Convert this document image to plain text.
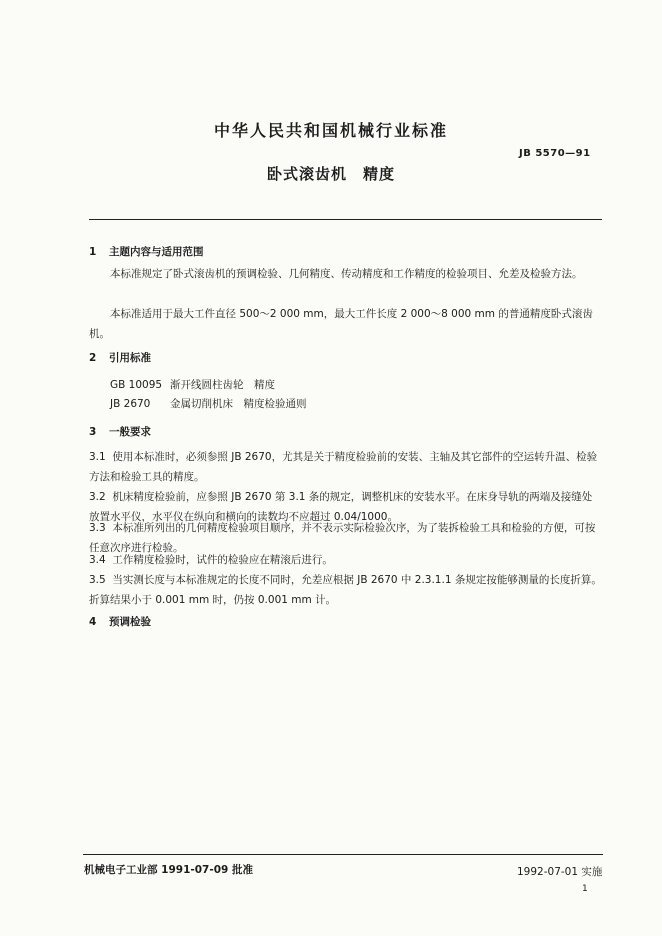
中华人民共和国机械行业标准
JB 5570—91
卧式滚齿机　精度
1 主题内容与适用范围
本标准规定了卧式滚齿机的预调检验、几何精度、传动精度和工作精度的检验项目、允差及检验方法。
本标准适用于最大工件直径 500～2 000 mm，最大工件长度 2 000～8 000 mm 的普通精度卧式滚齿机。
2 引用标准
GB 10095 渐开线圆柱齿轮　精度
JB 2670 金属切削机床　精度检验通则
3 一般要求
3.1 使用本标准时，必须参照 JB 2670，尤其是关于精度检验前的安装、主轴及其它部件的空运转升温、检验方法和检验工具的精度。
3.2 机床精度检验前，应参照 JB 2670 第 3.1 条的规定，调整机床的安装水平。在床身导轨的两端及接缝处放置水平仪，水平仪在纵向和横向的读数均不应超过 0.04/1000。
3.3 本标准所列出的几何精度检验项目顺序，并不表示实际检验次序，为了装拆检验工具和检验的方便，可按任意次序进行检验。
3.4 工作精度检验时，试件的检验应在精滚后进行。
3.5 当实测长度与本标准规定的长度不同时，允差应根据 JB 2670 中 2.3.1.1 条规定按能够测量的长度折算。折算结果小于 0.001 mm 时，仍按 0.001 mm 计。
4 预调检验
机械电子工业部 1991-07-09 批准	1992-07-01 实施
1
